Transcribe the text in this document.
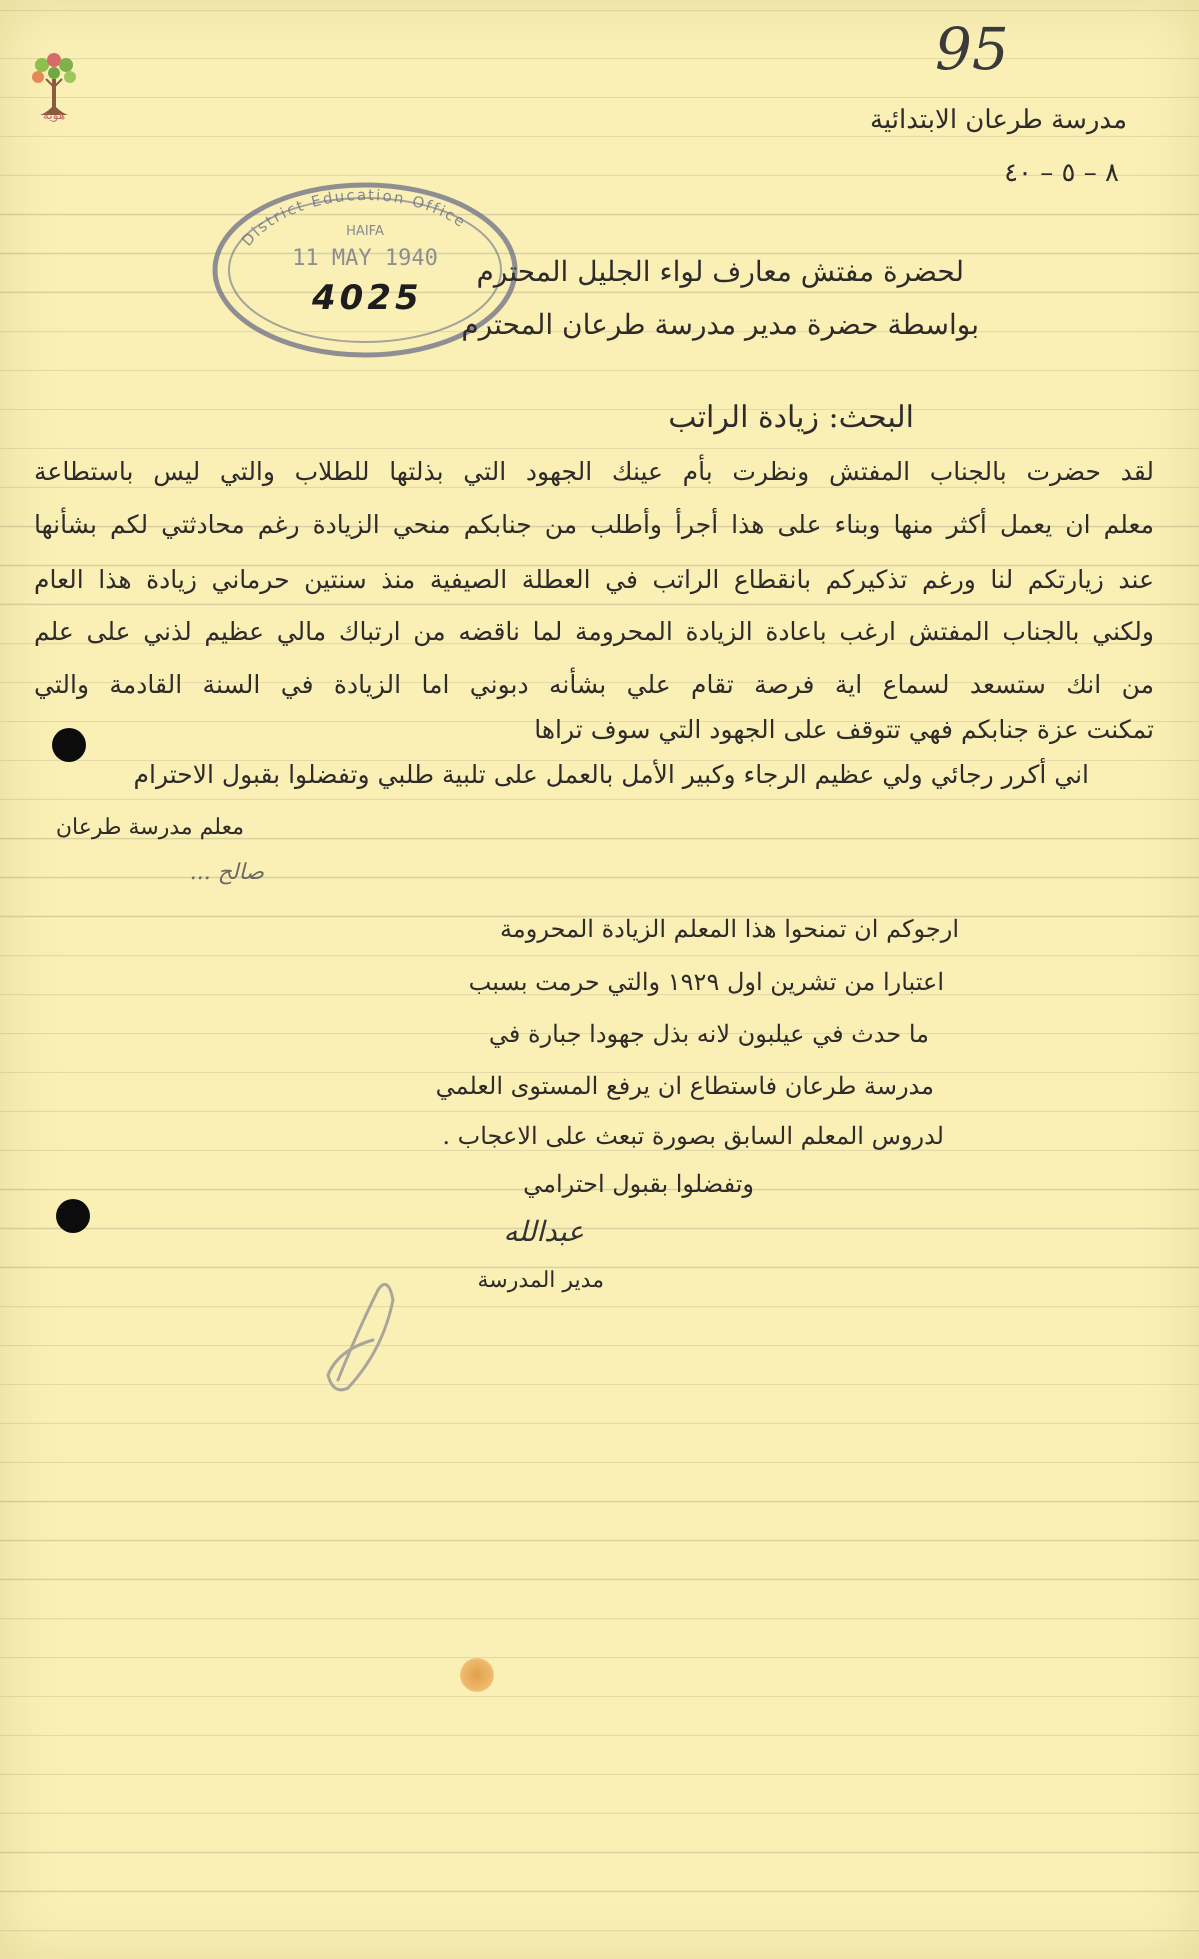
هوية
95
مدرسة طرعان الابتدائية
٨ – ٥ – ٤٠
District Education Office
HAIFA
11 MAY 1940
4025
لحضرة مفتش معارف لواء الجليل المحترم
بواسطة حضرة مدير مدرسة طرعان المحترم
البحث: زيادة الراتب
لقد حضرت بالجناب المفتش ونظرت بأم عينك الجهود التي بذلتها للطلاب والتي ليس باستطاعة
معلم ان يعمل أكثر منها وبناء على هذا أجرأ وأطلب من جنابكم منحي الزيادة رغم محادثتي لكم بشأنها
عند زيارتكم لنا ورغم تذكيركم بانقطاع الراتب في العطلة الصيفية منذ سنتين حرماني زيادة هذا العام
ولكني بالجناب المفتش ارغب باعادة الزيادة المحرومة لما ناقضه من ارتباك مالي عظيم لذني على علم
من انك ستسعد لسماع اية فرصة تقام علي بشأنه دبوني اما الزيادة في السنة القادمة والتي
تمكنت عزة جنابكم فهي تتوقف على الجهود التي سوف تراها
اني أكرر رجائي ولي عظيم الرجاء وكبير الأمل بالعمل على تلبية طلبي وتفضلوا بقبول الاحترام
معلم مدرسة طرعان
صالح ...
ارجوكم ان تمنحوا هذا المعلم الزيادة المحرومة
اعتبارا من تشرين اول ١٩٢٩ والتي حرمت بسبب
ما حدث في عيلبون لانه بذل جهودا جبارة في
مدرسة طرعان فاستطاع ان يرفع المستوى العلمي
لدروس المعلم السابق بصورة تبعث على الاعجاب .
وتفضلوا بقبول احترامي
عبدالله
مدير المدرسة
